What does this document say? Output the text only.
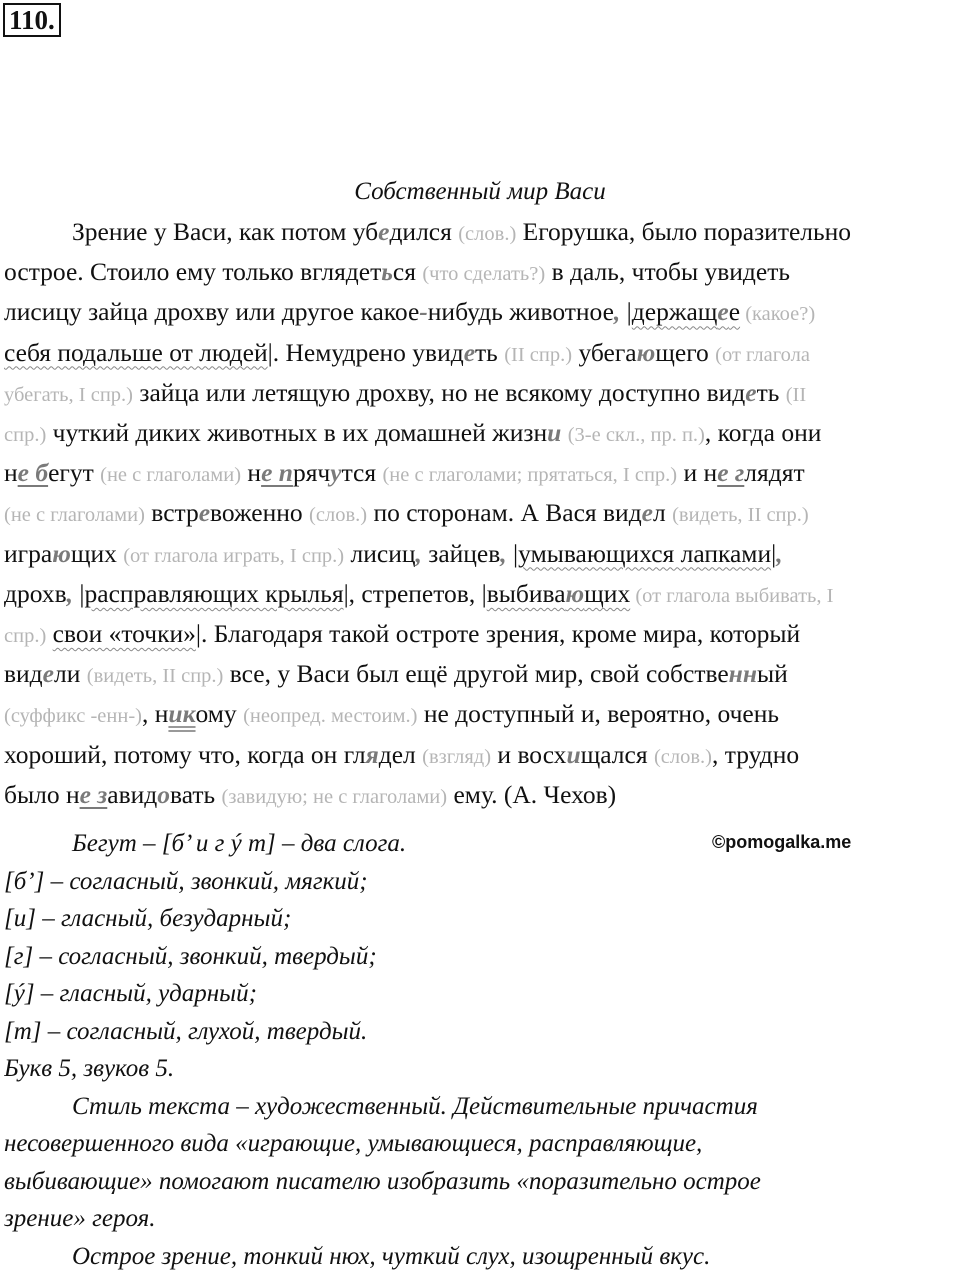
110.
Собственный мир Васи
Зрение у Васи, как потом убедился (слов.) Егорушка, было поразительно
острое. Стоило ему только вглядеться (что сделать?) в даль, чтобы увидеть
лисицу зайца дрохву или другое какое-нибудь животное, |держащее (какое?)
себя подальше от людей|. Немудрено увидеть (II спр.) убегающего (от глагола
убегать, I спр.) зайца или летящую дрохву, но не всякому доступно видеть (II
спр.) чуткий диких животных в их домашней жизни (3-е скл., пр. п.), когда они
не бегут (не с глаголами) не прячутся (не с глаголами; прятаться, I спр.) и не глядят
(не с глаголами) встревоженно (слов.) по сторонам. А Вася видел (видеть, II спр.)
играющих (от глагола играть, I спр.) лисиц, зайцев, |умывающихся лапками|,
дрохв, |расправляющих крылья|, стрепетов, |выбивающих (от глагола выбивать, I
спр.) свои «точки»|. Благодаря такой остроте зрения, кроме мира, который
видели (видеть, II спр.) все, у Васи был ещё другой мир, свой собственный
(суффикс -енн-), никому (неопред. местоим.) не доступный и, вероятно, очень
хороший, потому что, когда он глядел (взгляд) и восхищался (слов.), трудно
было не завидовать (завидую; не с глаголами) ему. (А. Чехов)
Бегут – [б’ и г ý т] – два слога.
[б’] – согласный, звонкий, мягкий;
[и] – гласный, безударный;
[г] – согласный, звонкий, твердый;
[ý] – гласный, ударный;
[т] – согласный, глухой, твердый.
Букв 5, звуков 5.
Стиль текста – художественный. Действительные причастия
несовершенного вида «играющие, умывающиеся, расправляющие,
выбивающие» помогают писателю изобразить «поразительно острое
зрение» героя.
Острое зрение, тонкий нюх, чуткий слух, изощренный вкус.
©pomogalka.me
